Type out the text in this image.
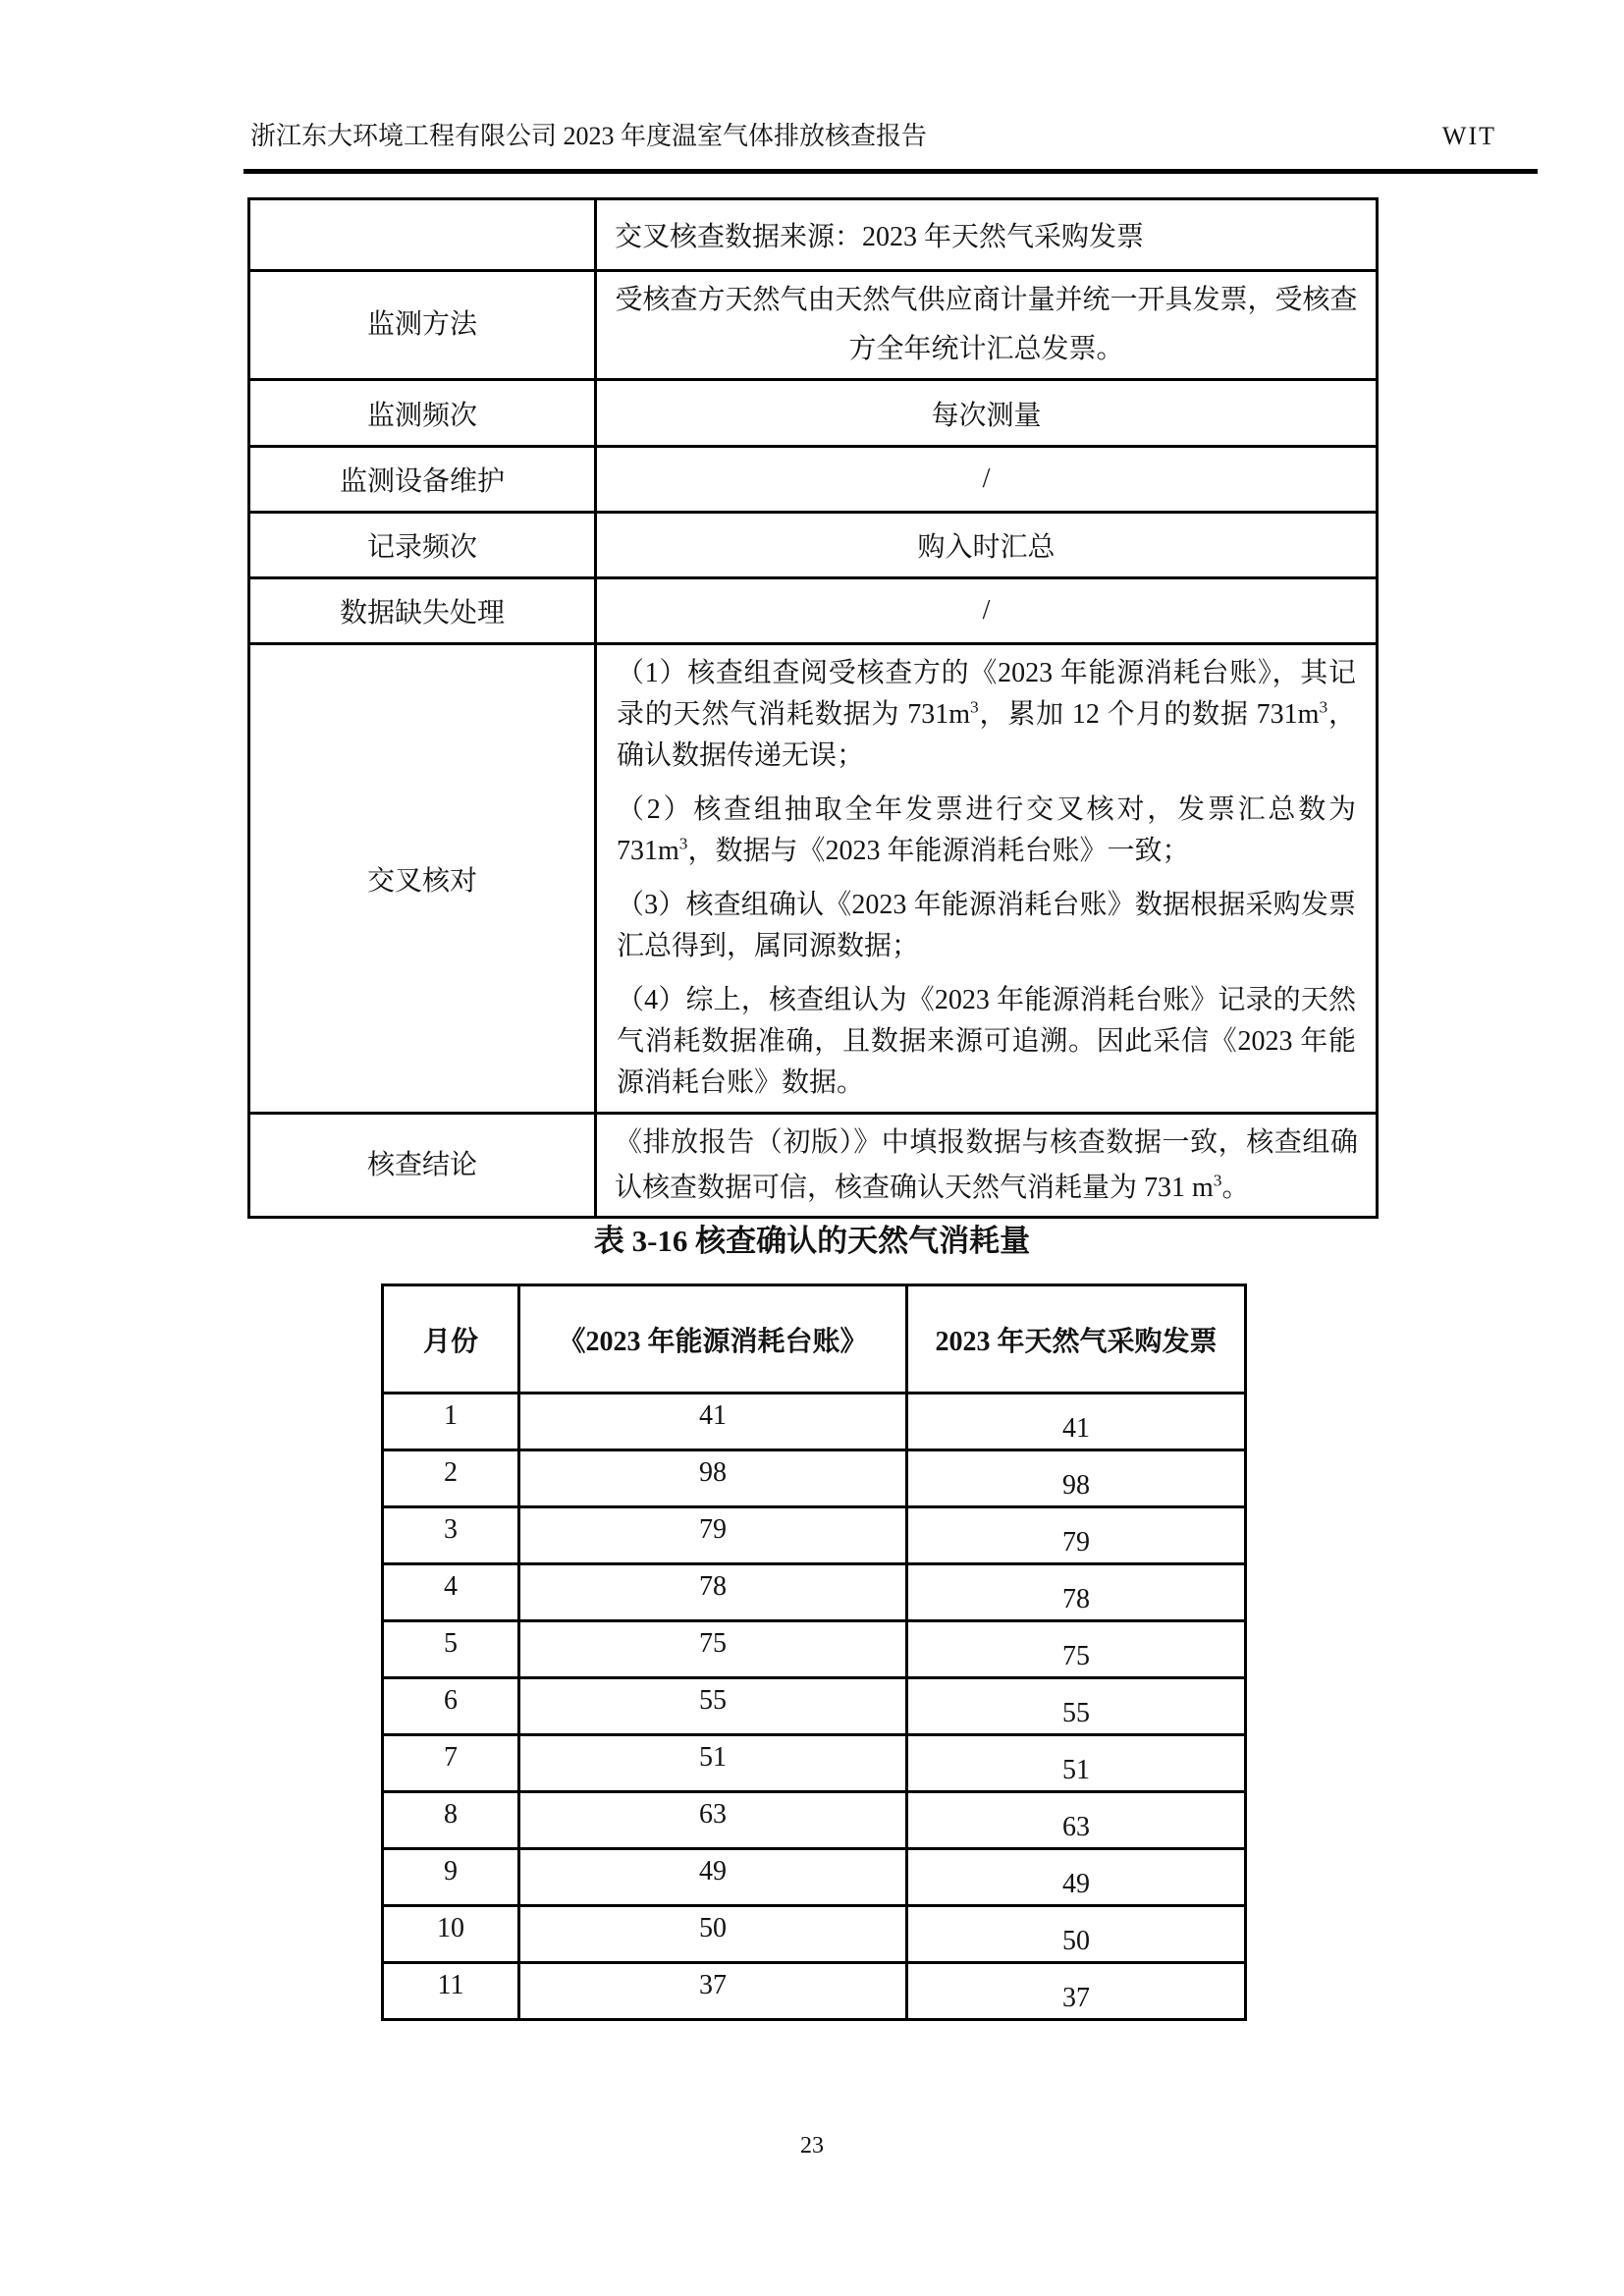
浙江东大环境工程有限公司 2023 年度温室气体排放核查报告	WIT
	交叉核查数据来源：2023 年天然气采购发票
监测方法	受核查方天然气由天然气供应商计量并统一开具发票，受核查方全年统计汇总发票。
监测频次	每次测量
监测设备维护	/
记录频次	购入时汇总
数据缺失处理	/
交叉核对	（1）核查组查阅受核查方的《2023 年能源消耗台账》，其记录的天然气消耗数据为 $731m^3$，累加 12 个月的数据 $731m^3$，确认数据传递无误；

（2）核查组抽取全年发票进行交叉核对，发票汇总数为 $731m^3$，数据与《2023 年能源消耗台账》一致；

（3）核查组确认《2023 年能源消耗台账》数据根据采购发票汇总得到，属同源数据；

（4）综上，核查组认为《2023 年能源消耗台账》记录的天然气消耗数据准确，且数据来源可追溯。因此采信《2023 年能源消耗台账》数据。

核查结论	《排放报告（初版）》中填报数据与核查数据一致，核查组确认核查数据可信，核查确认天然气消耗量为 731 $m^3$。
表 3-16 核查确认的天然气消耗量
月份	《2023 年能源消耗台账》	2023 年天然气采购发票
1	41	41
2	98	98
3	79	79
4	78	78
5	75	75
6	55	55
7	51	51
8	63	63
9	49	49
10	50	50
11	37	37
23
